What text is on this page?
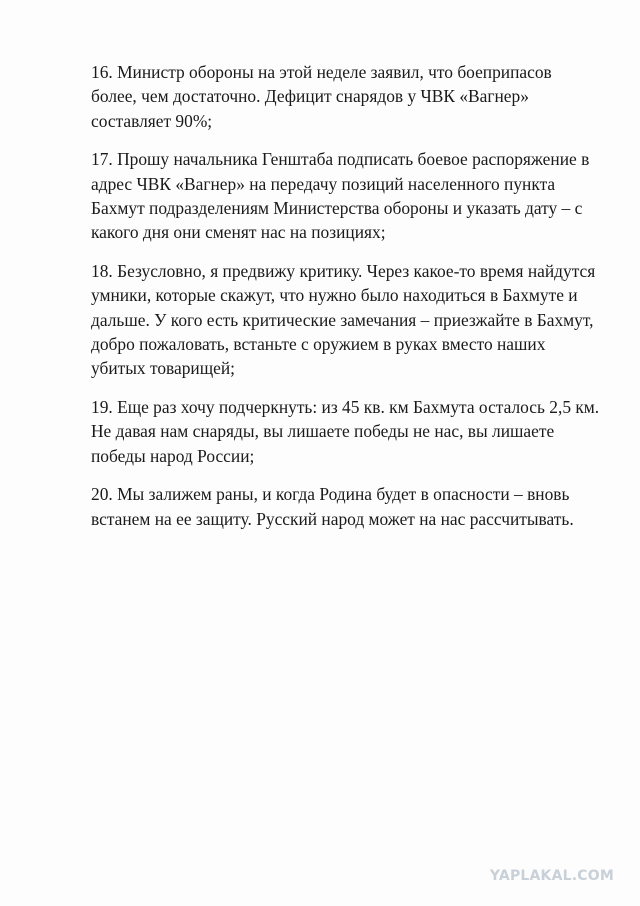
16. Министр обороны на этой неделе заявил, что боеприпасов
более, чем достаточно. Дефицит снарядов у ЧВК «Вагнер»
составляет 90%;

17. Прошу начальника Генштаба подписать боевое распоряжение в
адрес ЧВК «Вагнер» на передачу позиций населенного пункта
Бахмут подразделениям Министерства обороны и указать дату – с
какого дня они сменят нас на позициях;

18. Безусловно, я предвижу критику. Через какое-то время найдутся
умники, которые скажут, что нужно было находиться в Бахмуте и
дальше. У кого есть критические замечания – приезжайте в Бахмут,
добро пожаловать, встаньте с оружием в руках вместо наших
убитых товарищей;

19. Еще раз хочу подчеркнуть: из 45 кв. км Бахмута осталось 2,5 км.
Не давая нам снаряды, вы лишаете победы не нас, вы лишаете
победы народ России;

20. Мы залижем раны, и когда Родина будет в опасности – вновь
встанем на ее защиту. Русский народ может на нас рассчитывать.

YAPLAKAL.COM
